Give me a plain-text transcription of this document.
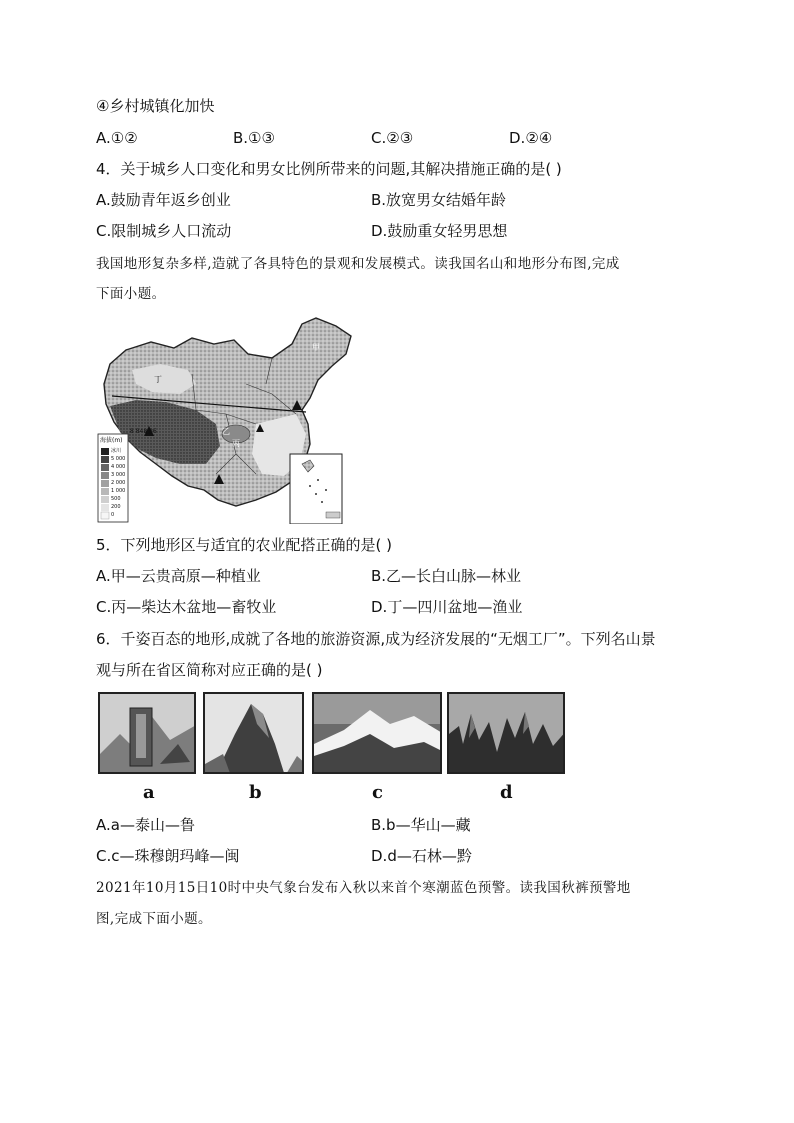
④乡村城镇化加快
A.①②	B.①③	C.②③	D.②④
4．关于城乡人口变化和男女比例所带来的问题,其解决措施正确的是( )
A.鼓励青年返乡创业	B.放宽男女结婚年龄
C.限制城乡人口流动	D.鼓励重女轻男思想
我国地形复杂多样,造就了各具特色的景观和发展模式。读我国名山和地形分布图,完成
下面小题。
海拔(m)
冰川
5 000
4 000
3 000
2 000
1 000
500
200
0
甲
乙
丙
丁
8 848.86
5．下列地形区与适宜的农业配搭正确的是( )
A.甲—云贵高原—种植业	B.乙—长白山脉—林业
C.丙—柴达木盆地—畜牧业	D.丁—四川盆地—渔业
6．千姿百态的地形,成就了各地的旅游资源,成为经济发展的“无烟工厂”。下列名山景
观与所在省区简称对应正确的是( )
a	b	c	d
A.a—泰山—鲁	B.b—华山—藏
C.c—珠穆朗玛峰—闽	D.d—石林—黔
2021年10月15日10时中央气象台发布入秋以来首个寒潮蓝色预警。读我国秋裤预警地
图,完成下面小题。
